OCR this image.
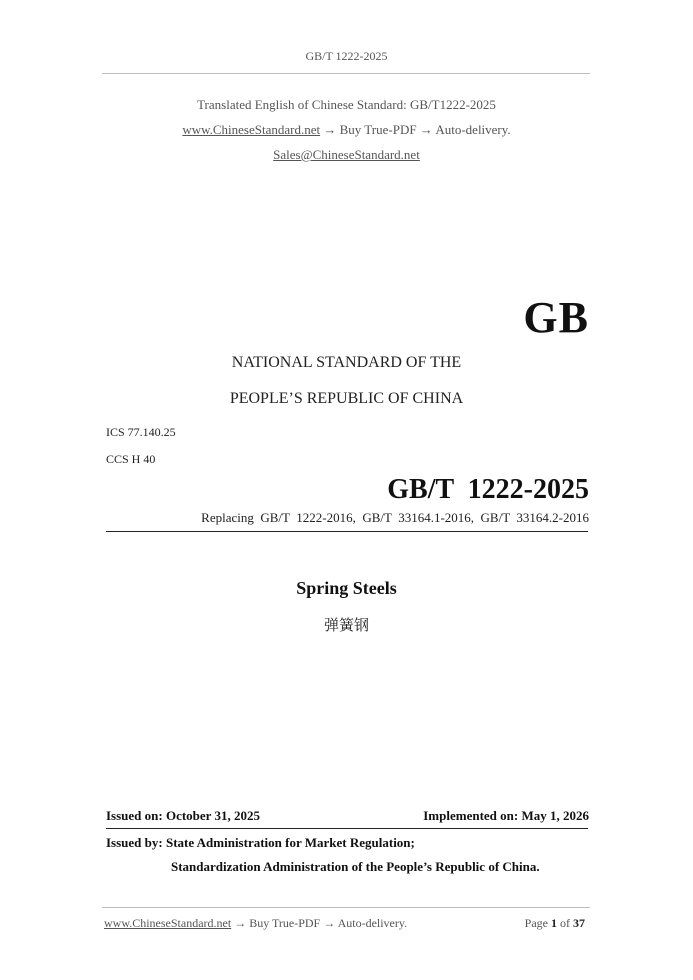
GB/T 1222-2025
Translated English of Chinese Standard: GB/T1222-2025
www.ChineseStandard.net → Buy True-PDF → Auto-delivery.
Sales@ChineseStandard.net
GB
NATIONAL STANDARD OF THE
PEOPLE’S REPUBLIC OF CHINA
ICS 77.140.25
CCS H 40
GB/T  1222-2025
Replacing  GB/T  1222-2016,  GB/T  33164.1-2016,  GB/T  33164.2-2016
Spring Steels
弹簧钢
Issued on: October 31, 2025	Implemented on: May 1, 2026
Issued by: State Administration for Market Regulation;
Standardization Administration of the People’s Republic of China.
www.ChineseStandard.net → Buy True-PDF → Auto-delivery.	Page 1 of 37
